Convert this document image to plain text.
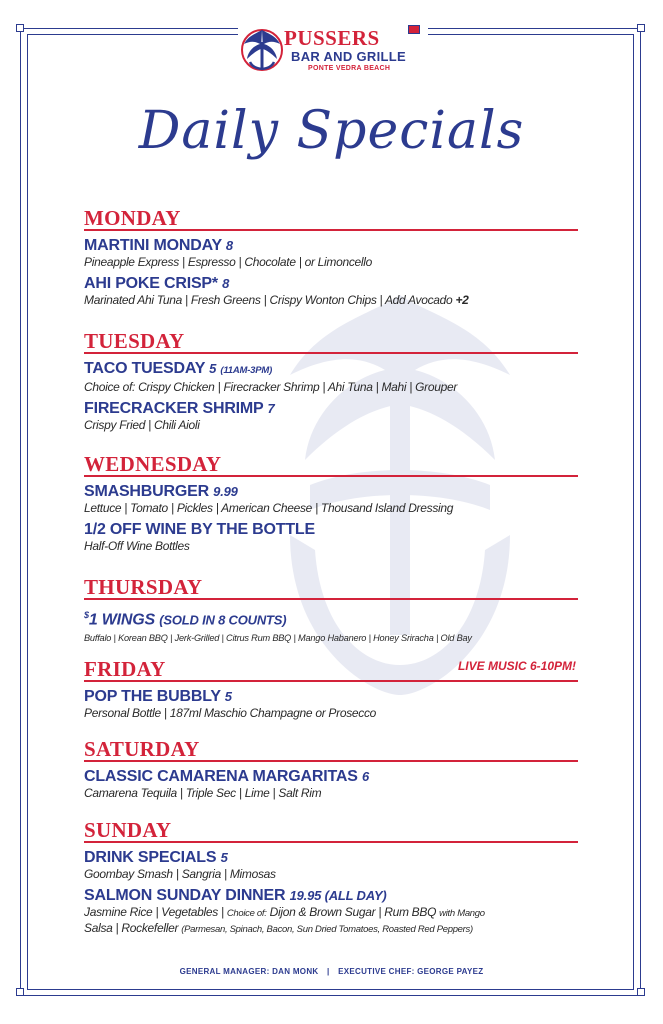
PUSSERS
BAR AND GRILLE
PONTE VEDRA BEACH
Daily Specials
MONDAY
MARTINI MONDAY 8
Pineapple Express | Espresso | Chocolate | or Limoncello
AHI POKE CRISP* 8
Marinated Ahi Tuna | Fresh Greens | Crispy Wonton Chips | Add Avocado +2
TUESDAY
TACO TUESDAY 5 (11AM-3PM)
Choice of: Crispy Chicken | Firecracker Shrimp | Ahi Tuna | Mahi | Grouper
FIRECRACKER SHRIMP 7
Crispy Fried | Chili Aioli
WEDNESDAY
SMASHBURGER 9.99
Lettuce | Tomato | Pickles | American Cheese | Thousand Island Dressing
1/2 OFF WINE BY THE BOTTLE
Half-Off Wine Bottles
THURSDAY
$1 WINGS (SOLD IN 8 COUNTS)
Buffalo | Korean BBQ | Jerk-Grilled | Citrus Rum BBQ | Mango Habanero | Honey Sriracha | Old Bay
FRIDAY	LIVE MUSIC 6-10PM!
POP THE BUBBLY 5
Personal Bottle | 187ml Maschio Champagne or Prosecco
SATURDAY
CLASSIC CAMARENA MARGARITAS 6
Camarena Tequila | Triple Sec | Lime | Salt Rim
SUNDAY
DRINK SPECIALS 5
Goombay Smash | Sangria | Mimosas
SALMON SUNDAY DINNER 19.95 (ALL DAY)
Jasmine Rice | Vegetables | Choice of: Dijon & Brown Sugar | Rum BBQ with Mango
Salsa | Rockefeller (Parmesan, Spinach, Bacon, Sun Dried Tomatoes, Roasted Red Peppers)
GENERAL MANAGER: DAN MONK | EXECUTIVE CHEF: GEORGE PAYEZ
